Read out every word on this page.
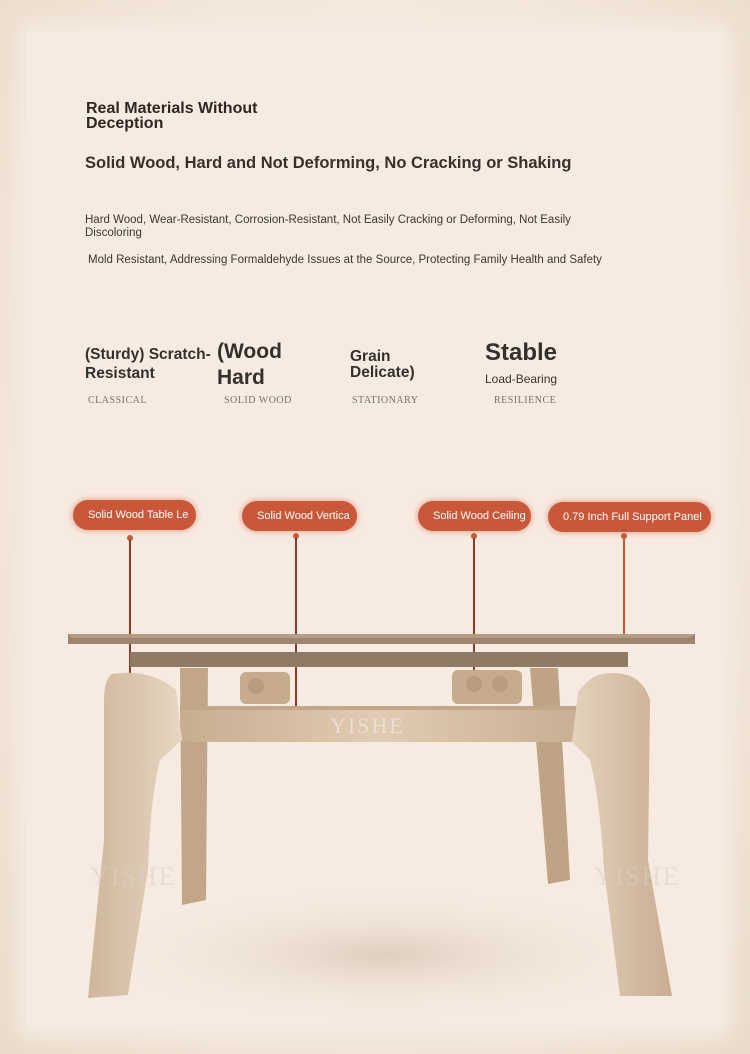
Real Materials Without Deception

Solid Wood, Hard and Not Deforming, No Cracking or Shaking

Hard Wood, Wear-Resistant, Corrosion-Resistant, Not Easily Cracking or Deforming, Not Easily Discoloring

Mold Resistant, Addressing Formaldehyde Issues at the Source, Protecting Family Health and Safety

(Sturdy) Scratch-Resistant
CLASSICAL
(Wood Hard
SOLID WOOD
Grain Delicate)
STATIONARY
Stable
Load-Bearing
RESILIENCE
Solid Wood Table Le	Solid Wood Vertica	Solid Wood Ceiling	0.79 Inch Full Support Panel
YISHE
YISHE
YISHE
